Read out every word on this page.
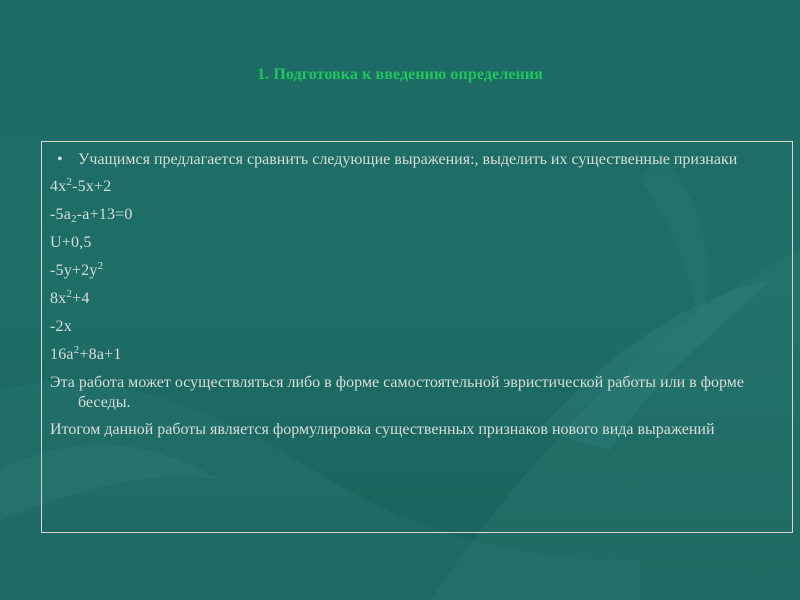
1. Подготовка к введению определения
• Учащимся предлагается сравнить следующие выражения:, выделить их существенные признаки
$4x^2-5x+2$
$-5a_2-a+13=0$
U+0,5
$-5y+2y^2$
$8x^2+4$
-2x
$16a^2+8a+1$
Эта работа может осуществляться либо в форме самостоятельной эвристической работы или в форме беседы.
Итогом данной работы является формулировка существенных признаков нового вида выражений
